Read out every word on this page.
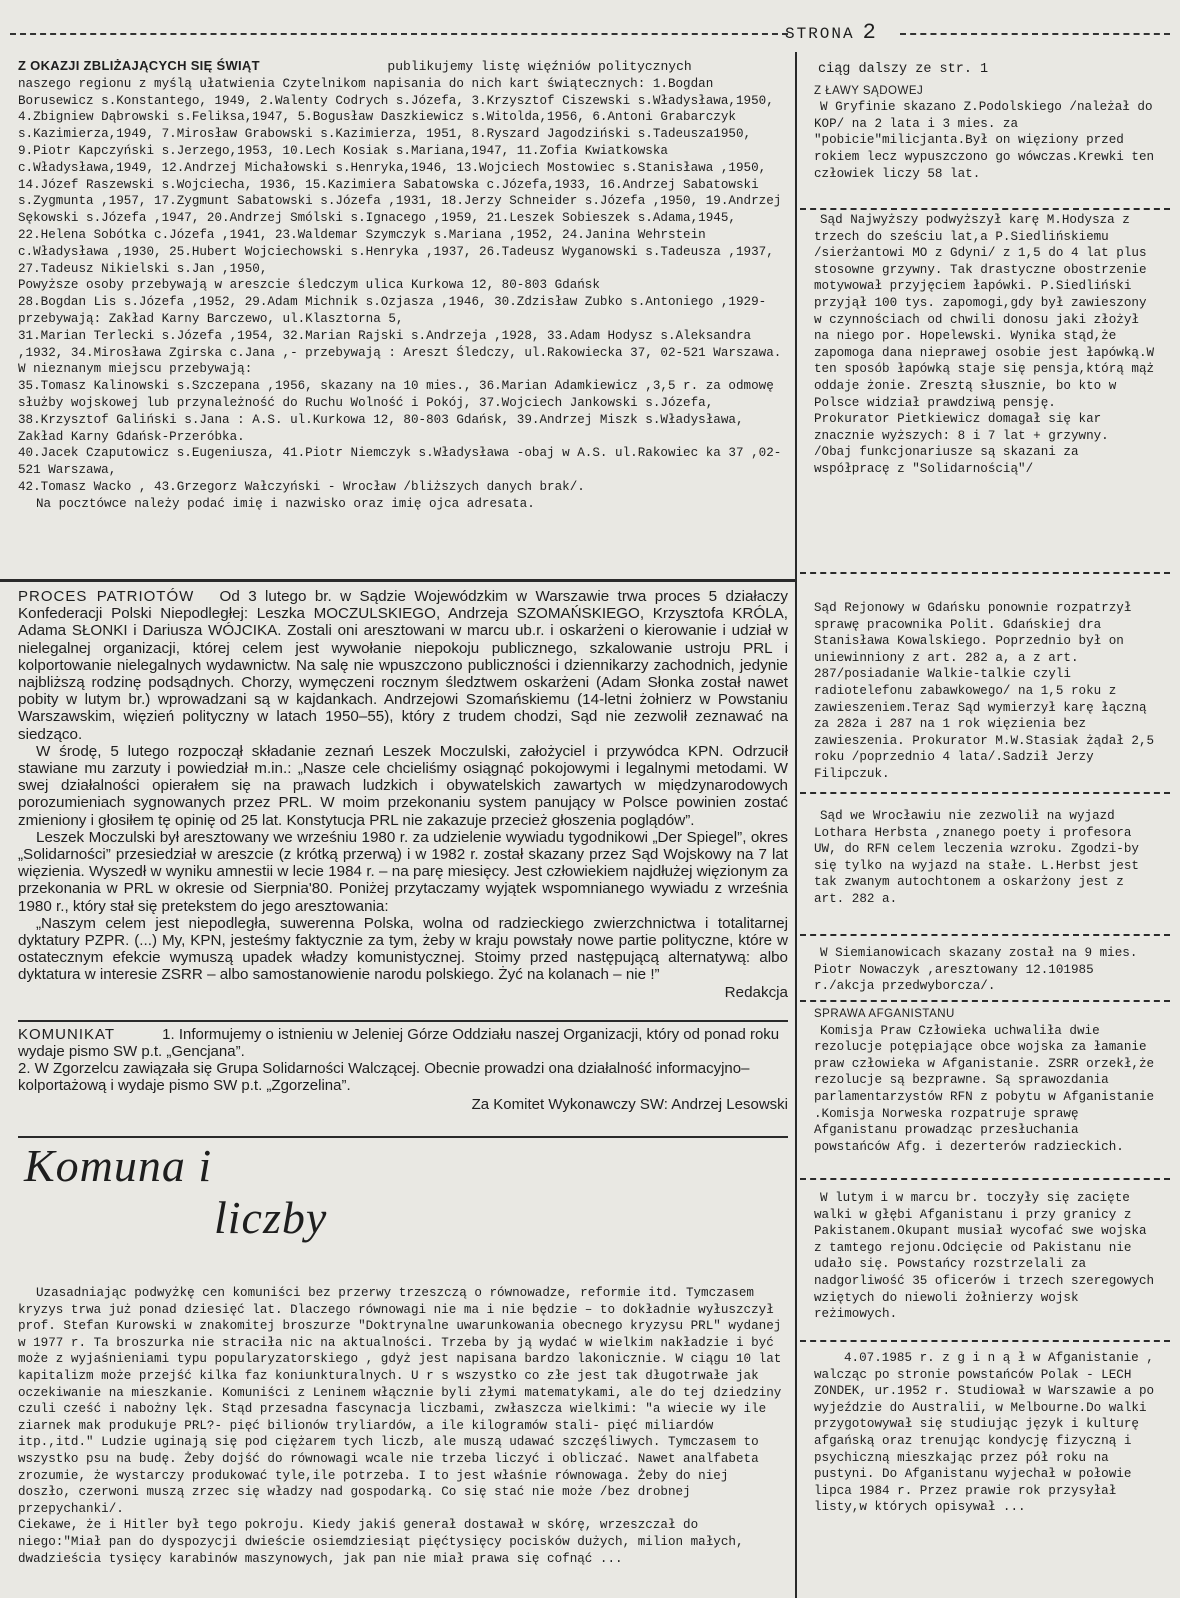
STRONA 2
Z OKAZJI ZBLIŻAJĄCYCH SIĘ ŚWIĄT	publikujemy listę więźniów politycznych

naszego regionu z myślą ułatwienia Czytelnikom napisania do nich kart świątecznych: 1.Bogdan Borusewicz s.Konstantego, 1949, 2.Walenty Codrych s.Józefa, 3.Krzysztof Ciszewski s.Władysława,1950, 4.Zbigniew Dąbrowski s.Feliksa,1947, 5.Bogusław Daszkiewicz s.Witolda,1956, 6.Antoni Grabarczyk s.Kazimierza,1949, 7.Mirosław Grabowski s.Kazimierza, 1951, 8.Ryszard Jagodziński s.Tadeusza1950, 9.Piotr Kapczyński s.Jerzego,1953, 10.Lech Kosiak s.Mariana,1947, 11.Zofia Kwiatkowska c.Władysława,1949, 12.Andrzej Michałowski s.Henryka,1946, 13.Wojciech Mostowiec s.Stanisława ,1950, 14.Józef Raszewski s.Wojciecha, 1936, 15.Kazimiera Sabatowska c.Józefa,1933, 16.Andrzej Sabatowski s.Zygmunta ,1957, 17.Zygmunt Sabatowski s.Józefa ,1931, 18.Jerzy Schneider s.Józefa ,1950, 19.Andrzej Sękowski s.Józefa ,1947, 20.Andrzej Smólski s.Ignacego ,1959, 21.Leszek Sobieszek s.Adama,1945, 22.Helena Sobótka c.Józefa ,1941, 23.Waldemar Szymczyk s.Mariana ,1952, 24.Janina Wehrstein c.Władysława ,1930, 25.Hubert Wojciechowski s.Henryka ,1937, 26.Tadeusz Wyganowski s.Tadeusza ,1937, 27.Tadeusz Nikielski s.Jan ,1950,

Powyższe osoby przebywają w areszcie śledczym ulica Kurkowa 12, 80-803 Gdańsk

28.Bogdan Lis s.Józefa ,1952, 29.Adam Michnik s.Ozjasza ,1946, 30.Zdzisław Zubko s.Antoniego ,1929- przebywają: Zakład Karny Barczewo, ul.Klasztorna 5,

31.Marian Terlecki s.Józefa ,1954, 32.Marian Rajski s.Andrzeja ,1928, 33.Adam Hodysz s.Aleksandra ,1932, 34.Mirosława Zgirska c.Jana ,- przebywają : Areszt Śledczy, ul.Rakowiecka 37, 02-521 Warszawa.

W nieznanym miejscu przebywają:

35.Tomasz Kalinowski s.Szczepana ,1956, skazany na 10 mies., 36.Marian Adamkiewicz ,3,5 r. za odmowę służby wojskowej lub przynależność do Ruchu Wolność i Pokój, 37.Wojciech Jankowski s.Józefa, 38.Krzysztof Galiński s.Jana : A.S. ul.Kurkowa 12, 80-803 Gdańsk, 39.Andrzej Miszk s.Władysława, Zakład Karny Gdańsk-Przeróbka.

40.Jacek Czaputowicz s.Eugeniusza, 41.Piotr Niemczyk s.Władysława -obaj w A.S. ul.Rakowiec ka 37 ,02-521 Warszawa,

42.Tomasz Wacko , 43.Grzegorz Wałczyński - Wrocław /bliższych danych brak/.

Na pocztówce należy podać imię i nazwisko oraz imię ojca adresata.

PROCES PATRIOTÓW Od 3 lutego br. w Sądzie Wojewódzkim w Warszawie trwa proces 5 działaczy Konfederacji Polski Niepodległej: Leszka MOCZULSKIEGO, Andrzeja SZOMAŃSKIEGO, Krzysztofa KRÓLA, Adama SŁONKI i Dariusza WÓJCIKA. Zostali oni aresztowani w marcu ub.r. i oskarżeni o kierowanie i udział w nielegalnej organizacji, której celem jest wywołanie niepokoju publicznego, szkalowanie ustroju PRL i kolportowanie nielegalnych wydawnictw. Na salę nie wpuszczono publiczności i dziennikarzy zachodnich, jedynie najbliższą rodzinę podsądnych. Chorzy, wymęczeni rocznym śledztwem oskarżeni (Adam Słonka został nawet pobity w lutym br.) wprowadzani są w kajdankach. Andrzejowi Szomańskiemu (14-letni żołnierz w Powstaniu Warszawskim, więzień polityczny w latach 1950–55), który z trudem chodzi, Sąd nie zezwolił zeznawać na siedząco.

W środę, 5 lutego rozpoczął składanie zeznań Leszek Moczulski, założyciel i przywódca KPN. Odrzucił stawiane mu zarzuty i powiedział m.in.: „Nasze cele chcieliśmy osiągnąć pokojowymi i legalnymi metodami. W swej działalności opierałem się na prawach ludzkich i obywatelskich zawartych w międzynarodowych porozumieniach sygnowanych przez PRL. W moim przekonaniu system panujący w Polsce powinien zostać zmieniony i głosiłem tę opinię od 25 lat. Konstytucja PRL nie zakazuje przecież głoszenia poglądów”.

Leszek Moczulski był aresztowany we wrześniu 1980 r. za udzielenie wywiadu tygodnikowi „Der Spiegel”, okres „Solidarności” przesiedział w areszcie (z krótką przerwą) i w 1982 r. został skazany przez Sąd Wojskowy na 7 lat więzienia. Wyszedł w wyniku amnestii w lecie 1984 r. – na parę miesięcy. Jest człowiekiem najdłużej więzionym za przekonania w PRL w okresie od Sierpnia'80. Poniżej przytaczamy wyjątek wspomnianego wywiadu z września 1980 r., który stał się pretekstem do jego aresztowania:

„Naszym celem jest niepodległa, suwerenna Polska, wolna od radzieckiego zwierzchnictwa i totalitarnej dyktatury PZPR. (...) My, KPN, jesteśmy faktycznie za tym, żeby w kraju powstały nowe partie polityczne, które w ostatecznym efekcie wymuszą upadek władzy komunistycznej. Stoimy przed następującą alternatywą: albo dyktatura w interesie ZSRR – albo samostanowienie narodu polskiego. Żyć na kolanach – nie !”

Redakcja

KOMUNIKAT	1. Informujemy o istnieniu w Jeleniej Górze Oddziału naszej Organizacji, który od ponad roku wydaje pismo SW p.t. „Gencjana”.

2. W Zgorzelcu zawiązała się Grupa Solidarności Walczącej. Obecnie prowadzi ona działalność informacyjno–kolportażową i wydaje pismo SW p.t. „Zgorzelina”.

Za Komitet Wykonawczy SW: Andrzej Lesowski

Komuna i
liczby

Uzasadniając podwyżkę cen komuniści bez przerwy trzeszczą o równowadze, reformie itd. Tymczasem kryzys trwa już ponad dziesięć lat. Dlaczego równowagi nie ma i nie będzie – to dokładnie wyłuszczył prof. Stefan Kurowski w znakomitej broszurze "Doktrynalne uwarunkowania obecnego kryzysu PRL" wydanej w 1977 r. Ta broszurka nie straciła nic na aktualności. Trzeba by ją wydać w wielkim nakładzie i być może z wyjaśnieniami typu popularyzatorskiego , gdyż jest napisana bardzo lakonicznie. W ciągu 10 lat kapitalizm może przejść kilka faz koniunkturalnych. U r s wszystko co złe jest tak długotrwałe jak oczekiwanie na mieszkanie. Komuniści z Leninem włącznie byli złymi matematykami, ale do tej dziedziny czuli cześć i nabożny lęk. Stąd przesadna fascynacja liczbami, zwłaszcza wielkimi: "a wiecie wy ile ziarnek mak produkuje PRL?- pięć bilionów tryliardów, a ile kilogramów stali- pięć miliardów itp.,itd." Ludzie uginają się pod ciężarem tych liczb, ale muszą udawać szczęśliwych. Tymczasem to wszystko psu na budę. Żeby dojść do równowagi wcale nie trzeba liczyć i obliczać. Nawet analfabeta zrozumie, że wystarczy produkować tyle,ile potrzeba. I to jest właśnie równowaga. Żeby do niej doszło, czerwoni muszą zrzec się władzy nad gospodarką. Co się stać nie może /bez drobnej przepychanki/.

Ciekawe, że i Hitler był tego pokroju. Kiedy jakiś generał dostawał w skórę, wrzeszczał do niego:"Miał pan do dyspozycji dwieście osiemdziesiąt pięćtysięcy pocisków dużych, milion małych, dwadzieścia tysięcy karabinów maszynowych, jak pan nie miał prawa się cofnąć ...

ciąg dalszy ze str. 1

Z ŁAWY SĄDOWEJ

W Gryfinie skazano Z.Podolskiego /należał do KOP/ na 2 lata i 3 mies. za "pobicie"milicjanta.Był on więziony przed rokiem lecz wypuszczono go wówczas.Krewki ten człowiek liczy 58 lat.

Sąd Najwyższy podwyższył karę M.Hodysza z trzech do sześciu lat,a P.Siedlińskiemu /sierżantowi MO z Gdyni/ z 1,5 do 4 lat plus stosowne grzywny. Tak drastyczne obostrzenie motywował przyjęciem łapówki. P.Siedliński przyjął 100 tys. zapomogi,gdy był zawieszony w czynnościach od chwili donosu jaki złożył na niego por. Hopelewski. Wynika stąd,że zapomoga dana nieprawej osobie jest łapówką.W ten sposób łapówką staje się pensja,którą mąż oddaje żonie. Zresztą słusznie, bo kto w Polsce widział prawdziwą pensję.

Prokurator Pietkiewicz domagał się kar znacznie wyższych: 8 i 7 lat + grzywny.

/Obaj funkcjonariusze są skazani za współpracę z "Solidarnością"/

Sąd Rejonowy w Gdańsku ponownie rozpatrzył sprawę pracownika Polit. Gdańskiej dra Stanisława Kowalskiego. Poprzednio był on uniewinniony z art. 282 a, a z art. 287/posiadanie Walkie-talkie czyli radiotelefonu zabawkowego/ na 1,5 roku z zawieszeniem.Teraz Sąd wymierzył karę łączną za 282a i 287 na 1 rok więzienia bez zawieszenia. Prokurator M.W.Stasiak żądał 2,5 roku /poprzednio 4 lata/.Sadził Jerzy Filipczuk.

Sąd we Wrocławiu nie zezwolił na wyjazd Lothara Herbsta ,znanego poety i profesora UW, do RFN celem leczenia wzroku. Zgodzi-by się tylko na wyjazd na stałe. L.Herbst jest tak zwanym autochtonem a oskarżony jest z art. 282 a.

W Siemianowicach skazany został na 9 mies. Piotr Nowaczyk ,aresztowany 12.101985 r./akcja przedwyborcza/.

SPRAWA AFGANISTANU

Komisja Praw Człowieka uchwaliła dwie rezolucje potępiające obce wojska za łamanie praw człowieka w Afganistanie. ZSRR orzekł,że rezolucje są bezprawne. Są sprawozdania parlamentarzystów RFN z pobytu w Afganistanie .Komisja Norweska rozpatruje sprawę Afganistanu prowadząc przesłuchania powstańców Afg. i dezerterów radzieckich.

W lutym i w marcu br. toczyły się zacięte walki w głębi Afganistanu i przy granicy z Pakistanem.Okupant musiał wycofać swe wojska z tamtego rejonu.Odcięcie od Pakistanu nie udało się. Powstańcy rozstrzelali za nadgorliwość 35 oficerów i trzech szeregowych wziętych do niewoli żołnierzy wojsk reżimowych.

4.07.1985 r. z g i n ą ł w Afganistanie , walcząc po stronie powstańców Polak - LECH ZONDEK, ur.1952 r. Studiował w Warszawie a po wyjeździe do Australii, w Melbourne.Do walki przygotowywał się studiując język i kulturę afgańską oraz trenując kondycję fizyczną i psychiczną mieszkając przez pół roku na pustyni. Do Afganistanu wyjechał w połowie lipca 1984 r. Przez prawie rok przysyłał listy,w których opisywał ...
